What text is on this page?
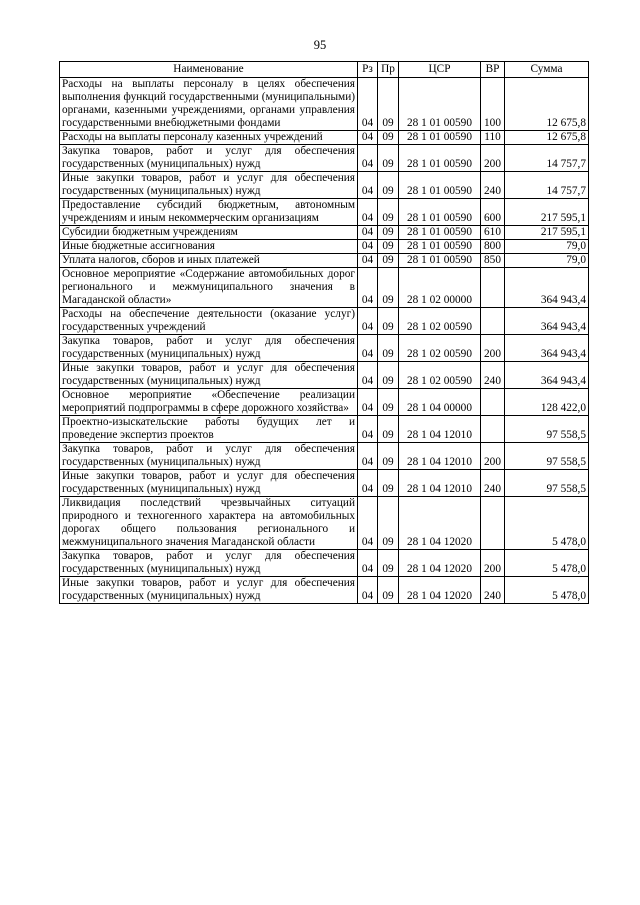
95
Наименование	Рз	Пр	ЦСР	ВР	Сумма
Расходы на выплаты персоналу в целях обеспечения выполнения функций государственными (муниципальными) органами, казенными учреждениями, органами управления государственными внебюджетными фондами	04	09	28 1 01 00590	100	12 675,8
Расходы на выплаты персоналу казенных учреждений	04	09	28 1 01 00590	110	12 675,8
Закупка товаров, работ и услуг для обеспечения государственных (муниципальных) нужд	04	09	28 1 01 00590	200	14 757,7
Иные закупки товаров, работ и услуг для обеспечения государственных (муниципальных) нужд	04	09	28 1 01 00590	240	14 757,7
Предоставление субсидий бюджетным, автономным учреждениям и иным некоммерческим организациям	04	09	28 1 01 00590	600	217 595,1
Субсидии бюджетным учреждениям	04	09	28 1 01 00590	610	217 595,1
Иные бюджетные ассигнования	04	09	28 1 01 00590	800	79,0
Уплата налогов, сборов и иных платежей	04	09	28 1 01 00590	850	79,0
Основное мероприятие «Содержание автомобильных дорог регионального и межмуниципального значения в Магаданской области»	04	09	28 1 02 00000		364 943,4
Расходы на обеспечение деятельности (оказание услуг) государственных учреждений	04	09	28 1 02 00590		364 943,4
Закупка товаров, работ и услуг для обеспечения государственных (муниципальных) нужд	04	09	28 1 02 00590	200	364 943,4
Иные закупки товаров, работ и услуг для обеспечения государственных (муниципальных) нужд	04	09	28 1 02 00590	240	364 943,4
Основное мероприятие «Обеспечение реализации мероприятий подпрограммы в сфере дорожного хозяйства»	04	09	28 1 04 00000		128 422,0
Проектно-изыскательские работы будущих лет и проведение экспертиз проектов	04	09	28 1 04 12010		97 558,5
Закупка товаров, работ и услуг для обеспечения государственных (муниципальных) нужд	04	09	28 1 04 12010	200	97 558,5
Иные закупки товаров, работ и услуг для обеспечения государственных (муниципальных) нужд	04	09	28 1 04 12010	240	97 558,5
Ликвидация последствий чрезвычайных ситуаций природного и техногенного характера на автомобильных дорогах общего пользования регионального и межмуниципального значения Магаданской области	04	09	28 1 04 12020		5 478,0
Закупка товаров, работ и услуг для обеспечения государственных (муниципальных) нужд	04	09	28 1 04 12020	200	5 478,0
Иные закупки товаров, работ и услуг для обеспечения государственных (муниципальных) нужд	04	09	28 1 04 12020	240	5 478,0
